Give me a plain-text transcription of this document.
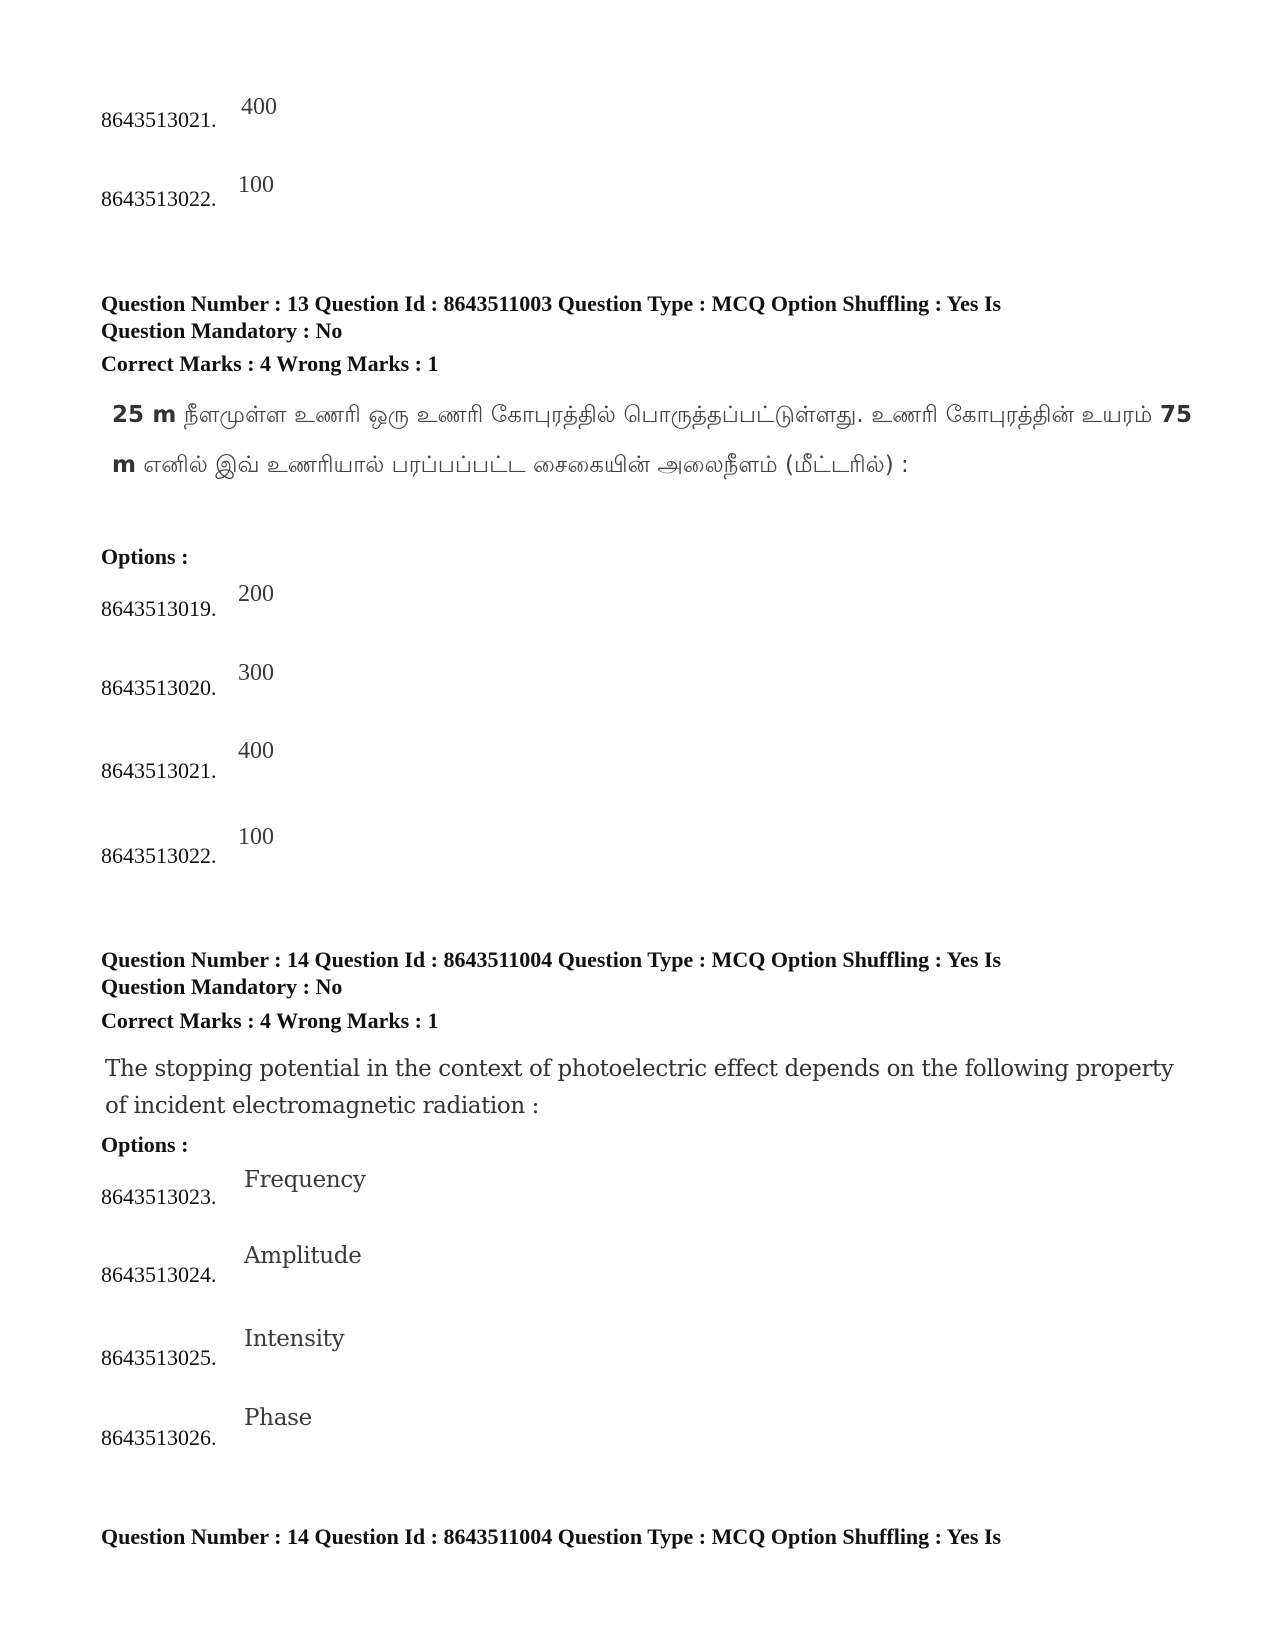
8643513021. 400
8643513022.
100
Question Number : 13 Question Id : 8643511003 Question Type : MCQ Option Shuffling : Yes Is
Question Mandatory : No
Correct Marks : 4 Wrong Marks : 1
25 m நீளமுள்ள உணரி ஒரு உணரி கோபுரத்தில் பொருத்தப்பட்டுள்ளது. உணரி கோபுரத்தின் உயரம் 75 m எனில் இவ் உணரியால் பரப்பப்பட்ட சைகையின் அலைநீளம் (மீட்டரில்) :
Options :
8643513019.
200
8643513020.
300
8643513021.
400
8643513022.
100
Question Number : 14 Question Id : 8643511004 Question Type : MCQ Option Shuffling : Yes Is
Question Mandatory : No
Correct Marks : 4 Wrong Marks : 1
The stopping potential in the context of photoelectric effect depends on the following property of incident electromagnetic radiation :
Options :
8643513023.
Frequency
8643513024.
Amplitude
8643513025.
Intensity
8643513026.
Phase
Question Number : 14 Question Id : 8643511004 Question Type : MCQ Option Shuffling : Yes Is
